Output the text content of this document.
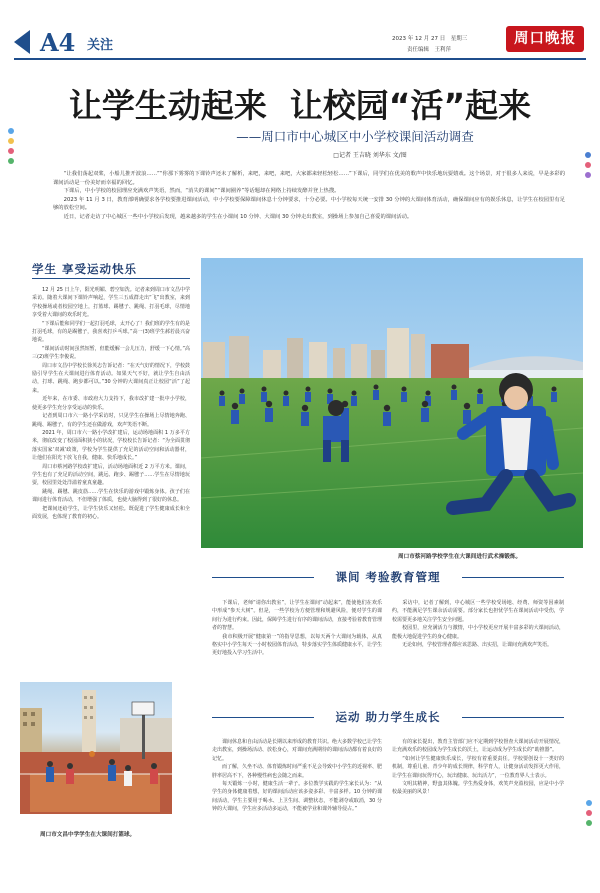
A4 关注	2023 年 12 月 27 日　星期三
责任编辑　王利萍
周口晚报
让学生动起来  让校园“活”起来
——周口市中心城区中小学校课间活动调查
□记者 王吉晓 刘华东 文/图

　　“让我们荡起双桨，小船儿推开波浪……”“你那下雾雾的下课铃声还未了解析，来吧，来吧，来吧，大家都来轻松轻松……”下课后，同学们在优美的歌声中快乐地玩耍嬉戏。这个场景，对于很多人来说，早是多彩的课间活动是一份美好而幸福的回忆。

　　下课后，中小学校的校园理应充满欢声笑语，然而，“消失的课间”“课间圈养”等话题却在网络上持续发酵并登上热搜。

　　2023 年 11 月 3 日，教育部明确要求各学校要推进课间活动，中小学校要保障课间休息十分钟要求，十分必要。中小学校每天统一安排 30 分钟的大课间体育活动，确保课间应有的娱乐休息，让学生在校园里有足够的放松空间。

　　近日，记者走访了中心城区一些中小学校后发现，越来越多的学生在小课间 10 分钟、大课间 30 分钟走出教室，到操场上参加自己喜爱的课间活动。

学生 享受运动快乐

　　12 月 25 日上午，阳光明媚、碧空如洗。记者来到周口市文昌中学采访。随着大课间下课铃声响起，学生三五成群走出“飞”出教室，来到学校操场或者校园空地上，打篮球、踢毽子、跳绳、打羽毛球，尽情地享受着大课间的欢乐时光。

　　“下课后能和同学们一起打羽毛球，太开心了！我们班的学生有的是打羽毛球，有的是踢毽子，我喜欢打乒乓球。”高一(3)班学生郝若晨兴奋地说。

　　“课间活动时间虽然短暂，但能缓解一会儿压力，舒缓一下心情。”高三(2)班学生李俊说。

　　周口市文昌中学校长徐英志告诉记者：“在天气好的情况下，学校鼓励引导学生在大课间进行体育活动。如果天气不好，就让学生自由活动，打球、跳绳、跑步都可以。”30 分钟的大课间真正让校园“活”了起来。

　　近年来，在市委、市政府大力支持下，我市改扩建一批中小学校，使更多学生充分享受运动的快乐。

　　记者到周口市六一路小学采访时，只见学生在操场上尽情地奔跑、跳绳、踢毽子，有的学生还在做游戏，欢声笑语不断。

　　2021 年，周口市六一路小学改扩建后，运动场地面积 1 万多平方米，彻底改变了校园面积狭小的状况，学校校长告诉记者：“为全面贯彻落实国家‘双减’政策，学校为学生提供了充足的活动空间和活动器材，让他们在阳光下放飞自我，健康、快乐地成长。”

　　周口市蔡河路学校改扩建后，活动场地面积近 2 万平方米。课间，学生也有了充足的活动空间，跳远、跑步、踢毽子……学生在尽情地玩耍，校园里处处洋溢着童真童趣。

　　跳绳、踢毽、跳皮筋……学生在快乐的游戏中锻炼身体。孩子们在课间进行体育活动，不但增强了体质，也使大脑得到了很好的休息。

　　把课间还给学生，让学生快乐又轻松。既促进了学生健康成长和全面发展，也体现了教育的初心。

周口市文昌中学学生在大课间打篮球。
周口市蔡河路学校学生在大课间进行武术操锻炼。
课间 考验教育管理

　　下课后，老师“请你出教室”，让学生在课间“动起来”，能使他们在欢乐中形成“参天大树”。但是，一些学校为方便管理和规避风险，便对学生的课间行为进行约束。因此，保障学生进行有序的课间活动，直接考验着教育管理者的智慧。

　　我市积极开展“健康第一”的指导思想，以每天两个大课间为载体，从真格实中小学生每天一小时校园体育活动，特步落实学生体质健康水平，让学生更好地投入学习生活中。

　　采访中，记者了解到，中心城区一些学校受场地、经费、师资等因素制约，不能满足学生课余活动需要。部分家长也担忧学生在课间活动中受伤，学校需要更多地关注学生安全问题。

　　校园里，应充满活力与激情，中小学校更应开展丰富多彩的大课间活动，能极大地促进学生的身心健康。

　　无论如何，学校管理者都应该思路、出实招，让课间充满欢声笑语。

运动 助力学生成长

　　课间休息和自由活动是长期以来形成的教育共识。绝大多数学校已让学生走出教室，到操场活动、放松身心，对课间充满期待的课间活动都有着良好的记忆。

　　而了解，久坐不动、体育锻炼时间严重不足会导致中小学生的近视率、肥胖率居高不下，各种慢性病也会随之而来。

　　每天锻炼一小时，健康生活一辈子。多位教学实践的学生家长认为：“从学生的身体健康着想，好的课间活动应该多姿多彩、丰富多样。10 分钟的课间活动，学生主要用于喝水、上卫生间、调整状态，不能剥夺或取消，30 分钟的大课间，学生应多活动多运动，不能被学业和课外辅导侵占。”

　　有的家长提出，教育主管部门应不定期到学校督查大课间活动开展情况，让充满欢乐的校园成为学生成长的沃土，让运动成为学生成长的“助推器”。

　　“如何让学生健康快乐成长，学校有着重要责任。学校要创设十一类好的机制，尊重儿童、青少年的成长规律，科学育人，让健身活动发挥更大作用，让学生在课间玩得开心，玩出健康、玩出活力”，一位教育界人士表示。

　　文明其精神，野蛮其体魄。学生热爱身体，欢笑声充盈校园，应是中小学校最美丽的风景！
